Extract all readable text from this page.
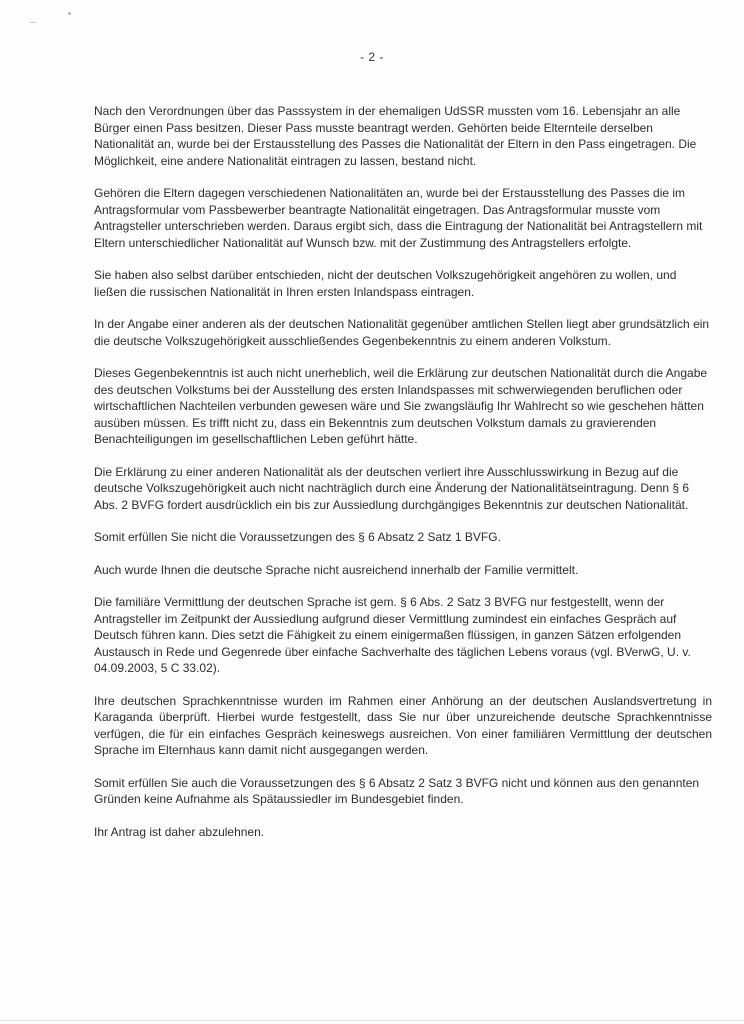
- 2 -

Nach den Verordnungen über das Passsystem in der ehemaligen UdSSR mussten vom 16. Lebensjahr an alle Bürger einen Pass besitzen. Dieser Pass musste beantragt werden. Gehörten beide Elternteile derselben Nationalität an, wurde bei der Erstausstellung des Passes die Nationalität der Eltern in den Pass eingetragen. Die Möglichkeit, eine andere Nationalität eintragen zu lassen, bestand nicht.

Gehören die Eltern dagegen verschiedenen Nationalitäten an, wurde bei der Erstausstellung des Passes die im Antragsformular vom Passbewerber beantragte Nationalität eingetragen. Das Antragsformular musste vom Antragsteller unterschrieben werden. Daraus ergibt sich, dass die Eintragung der Nationalität bei Antragstellern mit Eltern unterschiedlicher Nationalität auf Wunsch bzw. mit der Zustimmung des Antragstellers erfolgte.

Sie haben also selbst darüber entschieden, nicht der deutschen Volkszugehörigkeit angehören zu wollen, und ließen die russischen Nationalität in Ihren ersten Inlandspass eintragen.

In der Angabe einer anderen als der deutschen Nationalität gegenüber amtlichen Stellen liegt aber grundsätzlich ein die deutsche Volkszugehörigkeit ausschließendes Gegenbekenntnis zu einem anderen Volkstum.

Dieses Gegenbekenntnis ist auch nicht unerheblich, weil die Erklärung zur deutschen Nationalität durch die Angabe des deutschen Volkstums bei der Ausstellung des ersten Inlandspasses mit schwerwiegenden beruflichen oder wirtschaftlichen Nachteilen verbunden gewesen wäre und Sie zwangsläufig Ihr Wahlrecht so wie geschehen hätten ausüben müssen. Es trifft nicht zu, dass ein Bekenntnis zum deutschen Volkstum damals zu gravierenden Benachteiligungen im gesellschaftlichen Leben geführt hätte.

Die Erklärung zu einer anderen Nationalität als der deutschen verliert ihre Ausschlusswirkung in Bezug auf die deutsche Volkszugehörigkeit auch nicht nachträglich durch eine Änderung der Nationalitätseintragung. Denn § 6 Abs. 2 BVFG fordert ausdrücklich ein bis zur Aussiedlung durchgängiges Bekenntnis zur deutschen Nationalität.

Somit erfüllen Sie nicht die Voraussetzungen des § 6 Absatz 2 Satz 1 BVFG.

Auch wurde Ihnen die deutsche Sprache nicht ausreichend innerhalb der Familie vermittelt.

Die familiäre Vermittlung der deutschen Sprache ist gem. § 6 Abs. 2 Satz 3 BVFG nur festgestellt, wenn der Antragsteller im Zeitpunkt der Aussiedlung aufgrund dieser Vermittlung zumindest ein einfaches Gespräch auf Deutsch führen kann. Dies setzt die Fähigkeit zu einem einigermaßen flüssigen, in ganzen Sätzen erfolgenden Austausch in Rede und Gegenrede über einfache Sachverhalte des täglichen Lebens voraus (vgl. BVerwG, U. v. 04.09.2003, 5 C 33.02).

Ihre deutschen Sprachkenntnisse wurden im Rahmen einer Anhörung an der deutschen Auslandsvertretung in Karaganda überprüft. Hierbei wurde festgestellt, dass Sie nur über unzureichende deutsche Sprachkenntnisse verfügen, die für ein einfaches Gespräch keineswegs ausreichen. Von einer familiären Vermittlung der deutschen Sprache im Elternhaus kann damit nicht ausgegangen werden.

Somit erfüllen Sie auch die Voraussetzungen des § 6 Absatz 2 Satz 3 BVFG nicht und können aus den genannten Gründen keine Aufnahme als Spätaussiedler im Bundesgebiet finden.

Ihr Antrag ist daher abzulehnen.
